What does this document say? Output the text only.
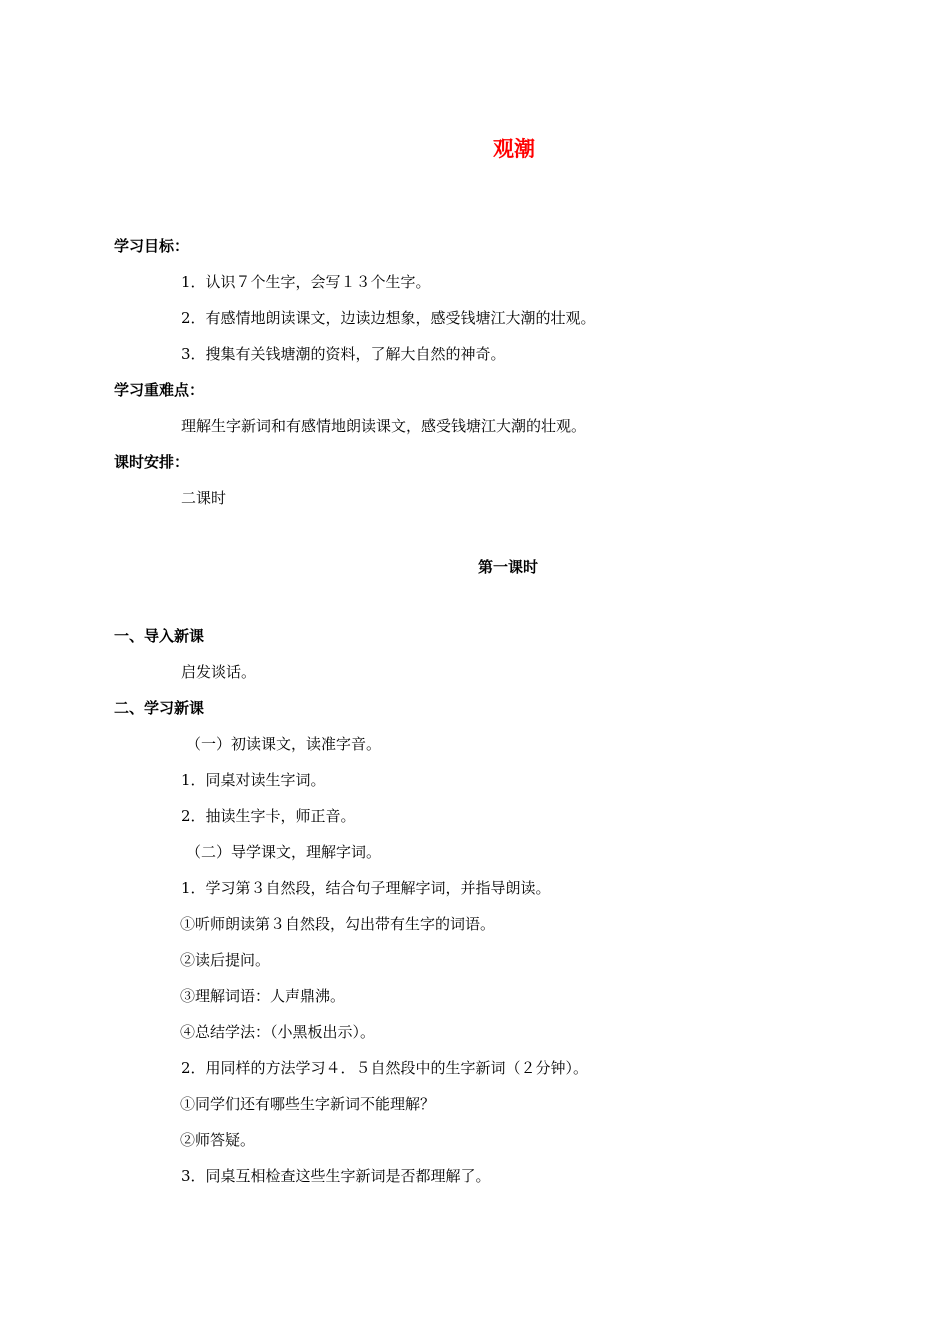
观潮
学习目标：
1．认识７个生字，会写１３个生字。
2．有感情地朗读课文，边读边想象，感受钱塘江大潮的壮观。
3．搜集有关钱塘潮的资料，了解大自然的神奇。
学习重难点：
理解生字新词和有感情地朗读课文，感受钱塘江大潮的壮观。
课时安排：
二课时
第一课时
一、导入新课
启发谈话。
二、学习新课
（一）初读课文，读准字音。
1．同桌对读生字词。
2．抽读生字卡，师正音。
（二）导学课文，理解字词。
1．学习第３自然段，结合句子理解字词，并指导朗读。
①听师朗读第３自然段，勾出带有生字的词语。
②读后提问。
③理解词语：人声鼎沸。
④总结学法：（小黑板出示）。
2．用同样的方法学习４．５自然段中的生字新词（２分钟）。
①同学们还有哪些生字新词不能理解？
②师答疑。
3．同桌互相检查这些生字新词是否都理解了。
